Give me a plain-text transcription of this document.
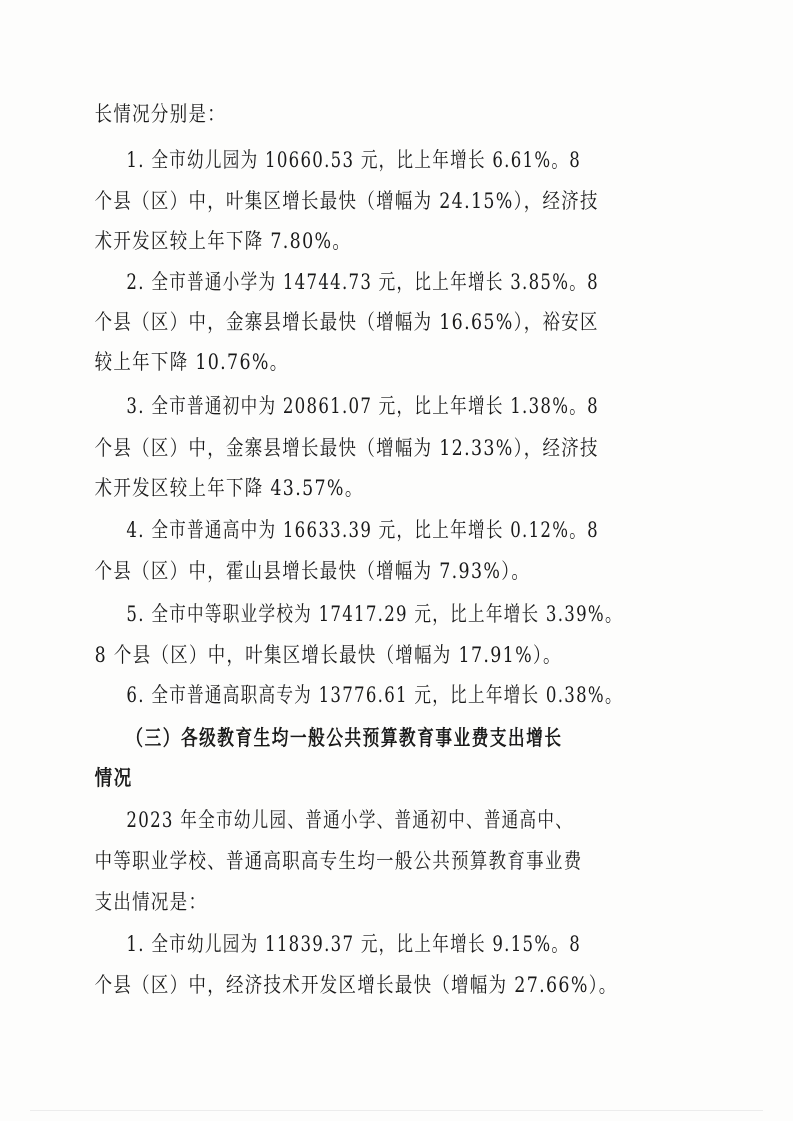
长情况分别是：
1. 全市幼儿园为 10660.53 元，比上年增长 6.61%。8
个县（区）中，叶集区增长最快（增幅为 24.15%），经济技
术开发区较上年下降 7.80%。
2. 全市普通小学为 14744.73 元，比上年增长 3.85%。8
个县（区）中，金寨县增长最快（增幅为 16.65%），裕安区
较上年下降 10.76%。
3. 全市普通初中为 20861.07 元，比上年增长 1.38%。8
个县（区）中，金寨县增长最快（增幅为 12.33%），经济技
术开发区较上年下降 43.57%。
4. 全市普通高中为 16633.39 元，比上年增长 0.12%。8
个县（区）中，霍山县增长最快（增幅为 7.93%）。
5. 全市中等职业学校为 17417.29 元，比上年增长 3.39%。
8 个县（区）中，叶集区增长最快（增幅为 17.91%）。
6. 全市普通高职高专为 13776.61 元，比上年增长 0.38%。
（三）各级教育生均一般公共预算教育事业费支出增长
情况
2023 年全市幼儿园、普通小学、普通初中、普通高中、
中等职业学校、普通高职高专生均一般公共预算教育事业费
支出情况是：
1. 全市幼儿园为 11839.37 元，比上年增长 9.15%。8
个县（区）中，经济技术开发区增长最快（增幅为 27.66%）。
